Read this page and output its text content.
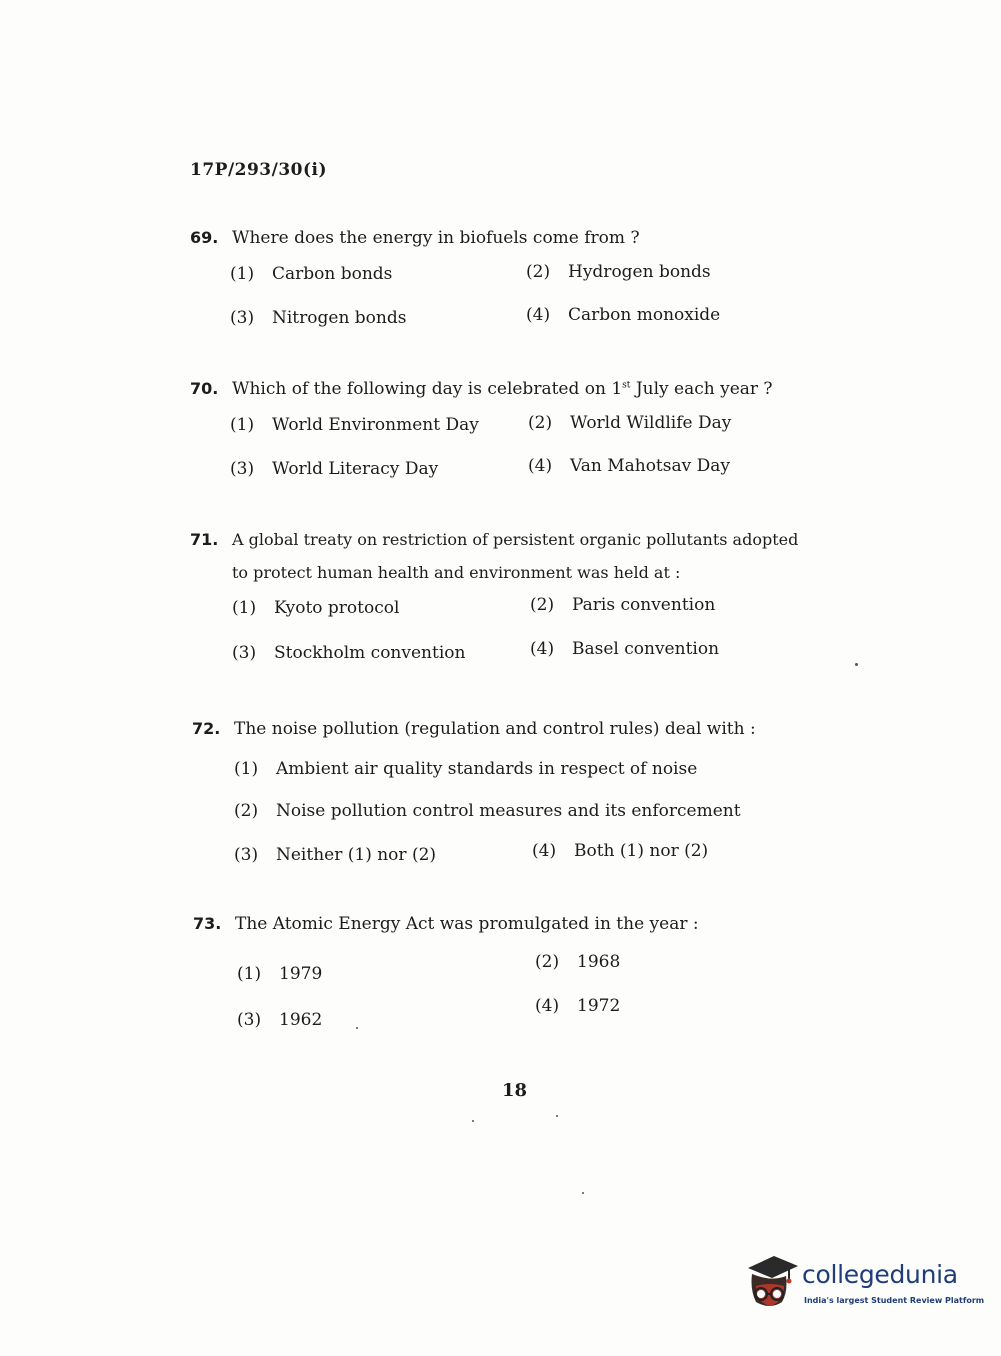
17P/293/30(i)
69. Where does the energy in biofuels come from ?
(1) Carbon bonds	(2) Hydrogen bonds
(3) Nitrogen bonds	(4) Carbon monoxide
70. Which of the following day is celebrated on 1st July each year ?
(1) World Environment Day	(2) World Wildlife Day
(3) World Literacy Day	(4) Van Mahotsav Day
71. A global treaty on restriction of persistent organic pollutants adopted
to protect human health and environment was held at :
(1) Kyoto protocol	(2) Paris convention
(3) Stockholm convention	(4) Basel convention
72. The noise pollution (regulation and control rules) deal with :
(1) Ambient air quality standards in respect of noise
(2) Noise pollution control measures and its enforcement
(3) Neither (1) nor (2)	(4) Both (1) nor (2)
73. The Atomic Energy Act was promulgated in the year :
(1) 1979
(2) 1968
(3) 1962
(4) 1972
18
collegedunia
India's largest Student Review Platform
